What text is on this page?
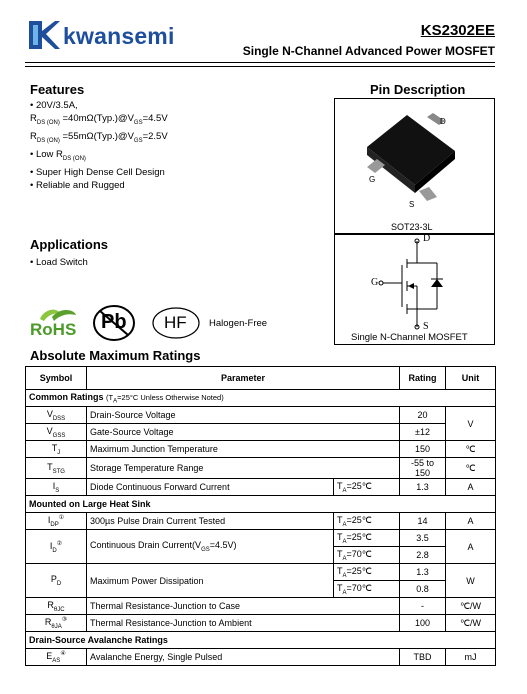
kwansemi	KS2302EE
Single N-Channel Advanced Power MOSFET
Features
• 20V/3.5A,
$R_{DS (ON)}$ $=40m\Omega(Typ.)@V_{GS}=4.5V$
$R_{DS (ON)}$ $=55m\Omega(Typ.)@V_{GS}=2.5V$
• Low $R_{DS (ON)}$
• Super High Dense Cell Design
• Reliable and Rugged
Applications
• Load Switch
RoHS Pb HF Halogen-Free
Pin Description
D
G
S
SOT23-3L
D
G
S
Single N-Channel MOSFET
Absolute Maximum Ratings
Symbol	Parameter		Rating	Unit
Common Ratings ($T_A=25^\circ C$ Unless Otherwise Noted)				
$V_{DSS}$	Drain-Source Voltage		20	V
$V_{GSS}$	Gate-Source Voltage		±12	
$T_J$	Maximum Junction Temperature		150	℃
$T_{STG}$	Storage Temperature Range		-55 to 150	℃
$I_S$	Diode Continuous Forward Current	$T_A=25℃$	1.3	A
Mounted on Large Heat Sink				
$I_{DP}^①$	300µs Pulse Drain Current Tested	$T_A=25℃$	14	A
$I_D^②$	Continuous Drain $Current(V_{GS}=4.5V)$	$T_A=25℃$	3.5	A
		$T_A=70℃$	2.8	
$P_D$	Maximum Power Dissipation	$T_A=25℃$	1.3	W
		$T_A=70℃$	0.8	
$R_{\theta JC}$	Thermal Resistance-Junction to Case		-	℃/W
$R_{\theta JA}^③$	Thermal Resistance-Junction to Ambient		100	℃/W
Drain-Source Avalanche Ratings				
$E_{AS}^④$	Avalanche Energy, Single Pulsed		TBD	mJ
